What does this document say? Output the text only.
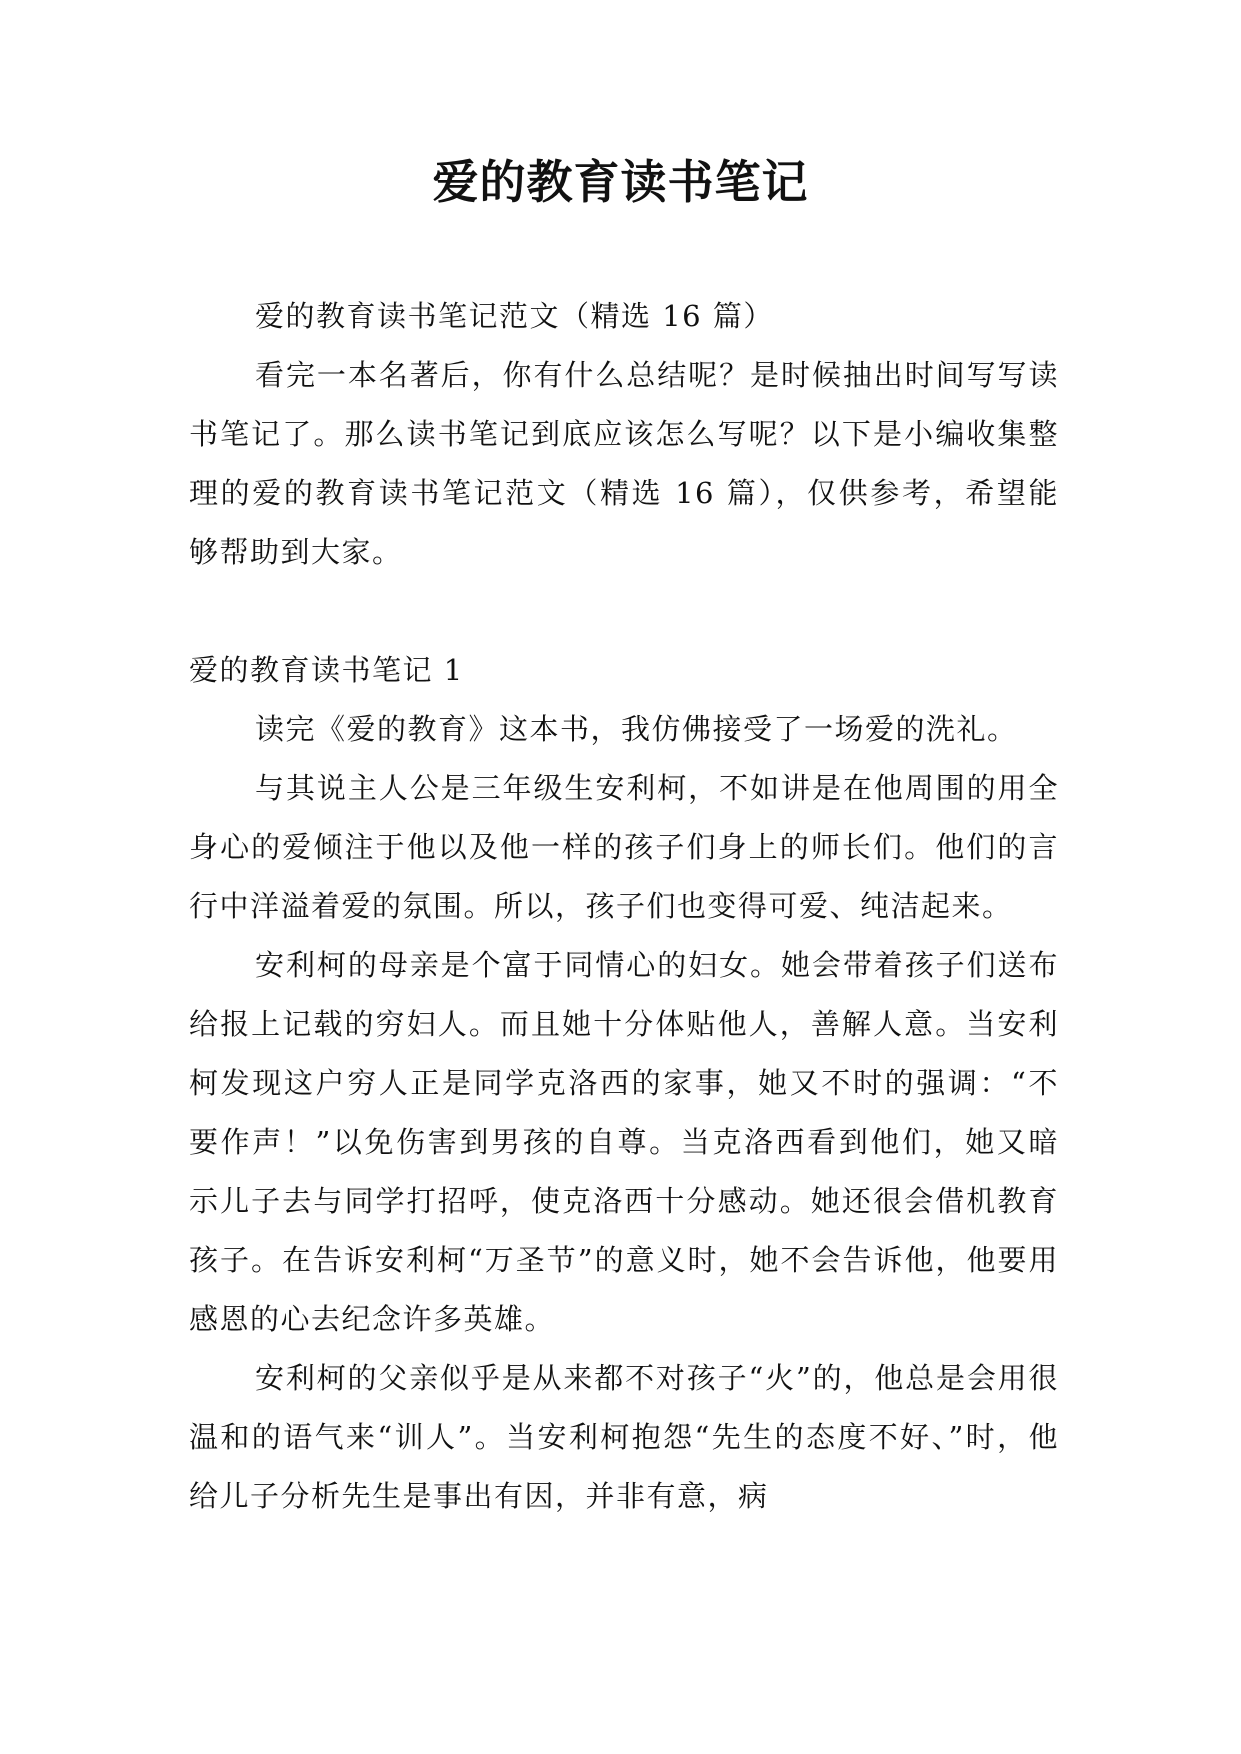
爱的教育读书笔记

爱的教育读书笔记范文（精选 16 篇）

看完一本名著后，你有什么总结呢？是时候抽出时间写写读书笔记了。那么读书笔记到底应该怎么写呢？以下是小编收集整理的爱的教育读书笔记范文（精选 16 篇），仅供参考，希望能够帮助到大家。

爱的教育读书笔记 1

读完《爱的教育》这本书，我仿佛接受了一场爱的洗礼。

与其说主人公是三年级生安利柯，不如讲是在他周围的用全身心的爱倾注于他以及他一样的孩子们身上的师长们。他们的言行中洋溢着爱的氛围。所以，孩子们也变得可爱、纯洁起来。

安利柯的母亲是个富于同情心的妇女。她会带着孩子们送布给报上记载的穷妇人。而且她十分体贴他人，善解人意。当安利柯发现这户穷人正是同学克洛西的家事，她又不时的强调：“不要作声！”以免伤害到男孩的自尊。当克洛西看到他们，她又暗示儿子去与同学打招呼，使克洛西十分感动。她还很会借机教育孩子。在告诉安利柯“万圣节”的意义时，她不会告诉他，他要用感恩的心去纪念许多英雄。

安利柯的父亲似乎是从来都不对孩子“火”的，他总是会用很温和的语气来“训人”。当安利柯抱怨“先生的态度不好、”时，他给儿子分析先生是事出有因，并非有意，病
